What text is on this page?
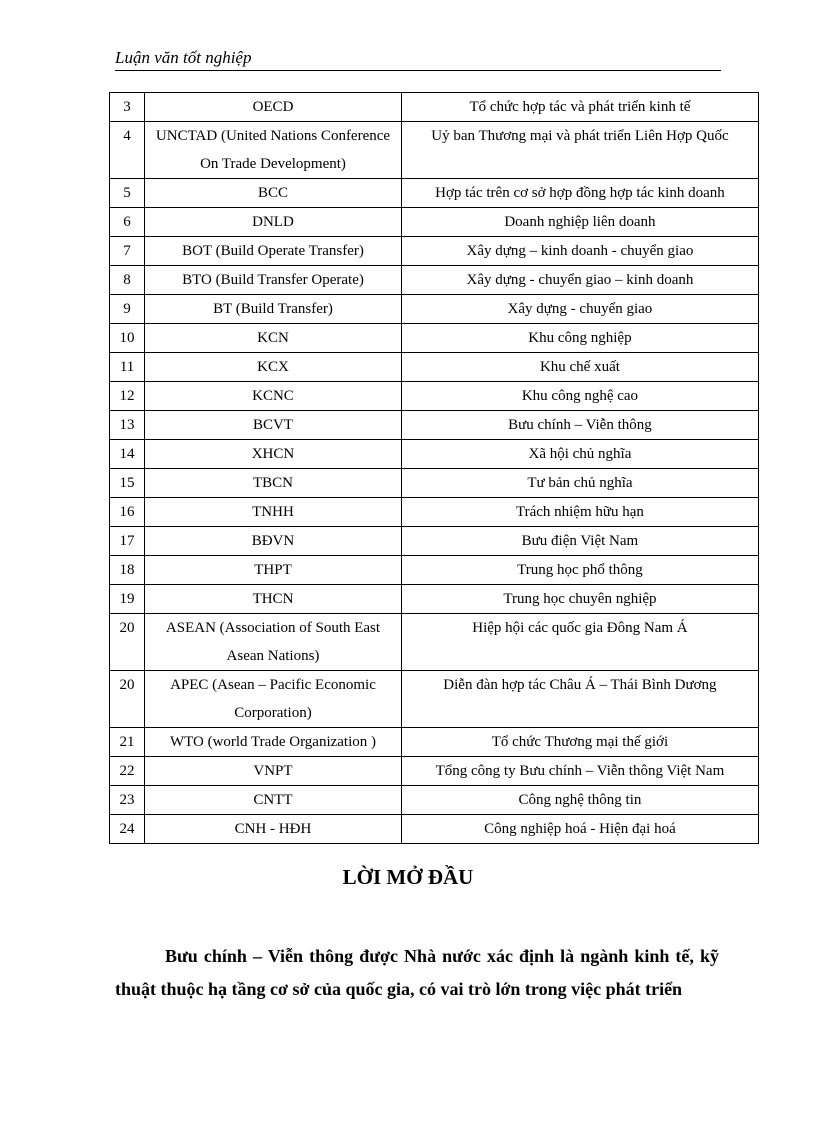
Luận văn tốt nghiệp
3	OECD	Tổ chức hợp tác và phát triển kinh tế
4	UNCTAD (United Nations Conference On Trade Development)	Uỷ ban Thương mại và phát triển Liên Hợp Quốc
5	BCC	Hợp tác trên cơ sở hợp đồng hợp tác kinh doanh
6	DNLD	Doanh nghiệp liên doanh
7	BOT (Build Operate Transfer)	Xây dựng – kinh doanh - chuyển giao
8	BTO (Build Transfer Operate)	Xây dựng - chuyển giao – kinh doanh
9	BT (Build Transfer)	Xây dựng - chuyển giao
10	KCN	Khu công nghiệp
11	KCX	Khu chế xuất
12	KCNC	Khu công nghệ cao
13	BCVT	Bưu chính – Viễn thông
14	XHCN	Xã hội chủ nghĩa
15	TBCN	Tư bản chủ nghĩa
16	TNHH	Trách nhiệm hữu hạn
17	BĐVN	Bưu điện Việt Nam
18	THPT	Trung học phổ thông
19	THCN	Trung học chuyên nghiệp
20	ASEAN (Association of South East Asean Nations)	Hiệp hội các quốc gia Đông Nam Á
20	APEC (Asean – Pacific Economic Corporation)	Diễn đàn hợp tác Châu Á – Thái Bình Dương
21	WTO (world Trade Organization )	Tổ chức Thương mại thế giới
22	VNPT	Tổng công ty Bưu chính – Viễn thông Việt Nam
23	CNTT	Công nghệ thông tin
24	CNH - HĐH	Công nghiệp hoá - Hiện đại hoá
LỜI MỞ ĐẦU
Bưu chính – Viễn thông được Nhà nước xác định là ngành kinh tế, kỹ thuật thuộc hạ tầng cơ sở của quốc gia, có vai trò lớn trong việc phát triển
